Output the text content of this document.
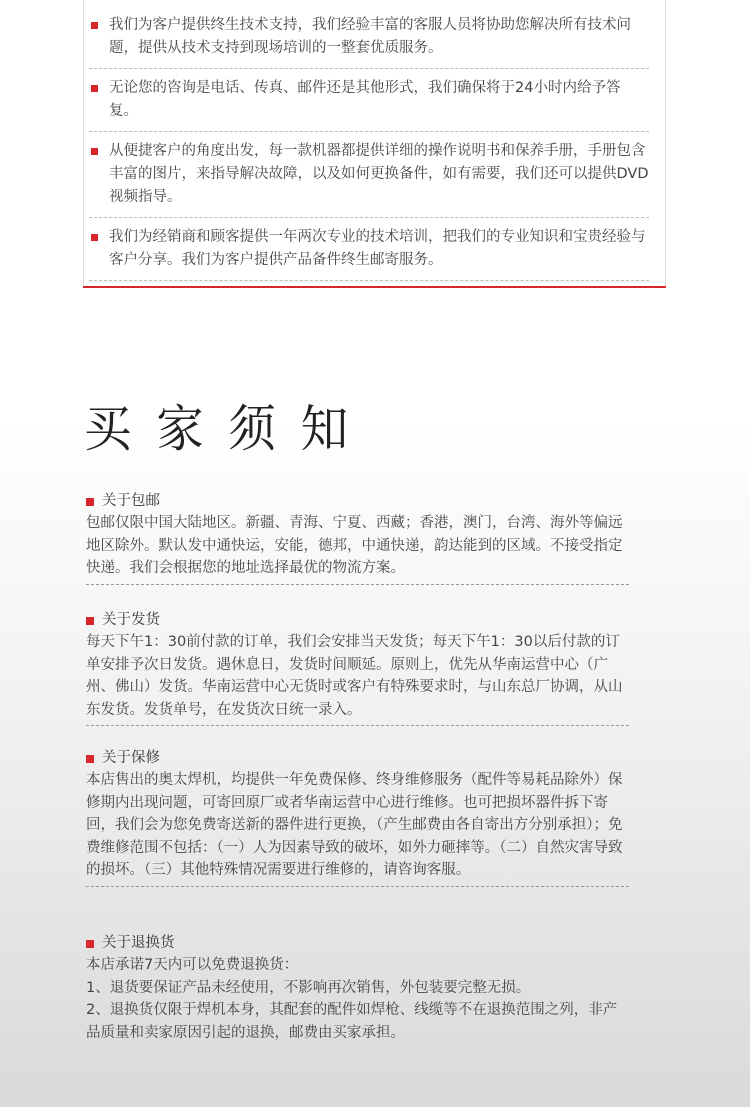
我们为客户提供终生技术支持，我们经验丰富的客服人员将协助您解决所有技术问题，提供从技术支持到现场培训的一整套优质服务。
无论您的咨询是电话、传真、邮件还是其他形式，我们确保将于24小时内给予答复。
从便捷客户的角度出发，每一款机器都提供详细的操作说明书和保养手册，手册包含丰富的图片，来指导解决故障，以及如何更换备件，如有需要，我们还可以提供DVD视频指导。
我们为经销商和顾客提供一年两次专业的技术培训，把我们的专业知识和宝贵经验与客户分享。我们为客户提供产品备件终生邮寄服务。
买家须知
关于包邮
包邮仅限中国大陆地区。新疆、青海、宁夏、西藏；香港，澳门，台湾、海外等偏远地区除外。默认发中通快运，安能，德邦，中通快递，韵达能到的区域。不接受指定快递。我们会根据您的地址选择最优的物流方案。
关于发货
每天下午1：30前付款的订单，我们会安排当天发货；每天下午1：30以后付款的订单安排予次日发货。遇休息日，发货时间顺延。原则上，优先从华南运营中心（广州、佛山）发货。华南运营中心无货时或客户有特殊要求时，与山东总厂协调，从山东发货。发货单号，在发货次日统一录入。
关于保修
本店售出的奥太焊机，均提供一年免费保修、终身维修服务（配件等易耗品除外）保修期内出现问题，可寄回原厂或者华南运营中心进行维修。也可把损坏器件拆下寄回，我们会为您免费寄送新的器件进行更换，（产生邮费由各自寄出方分别承担）；免费维修范围不包括：（一）人为因素导致的破坏，如外力砸摔等。（二）自然灾害导致的损坏。（三）其他特殊情况需要进行维修的，请咨询客服。
关于退换货

本店承诺7天内可以免费退换货：

1、退货要保证产品未经使用，不影响再次销售，外包装要完整无损。

2、退换货仅限于焊机本身，其配套的配件如焊枪、线缆等不在退换范围之列，非产品质量和卖家原因引起的退换，邮费由买家承担。
